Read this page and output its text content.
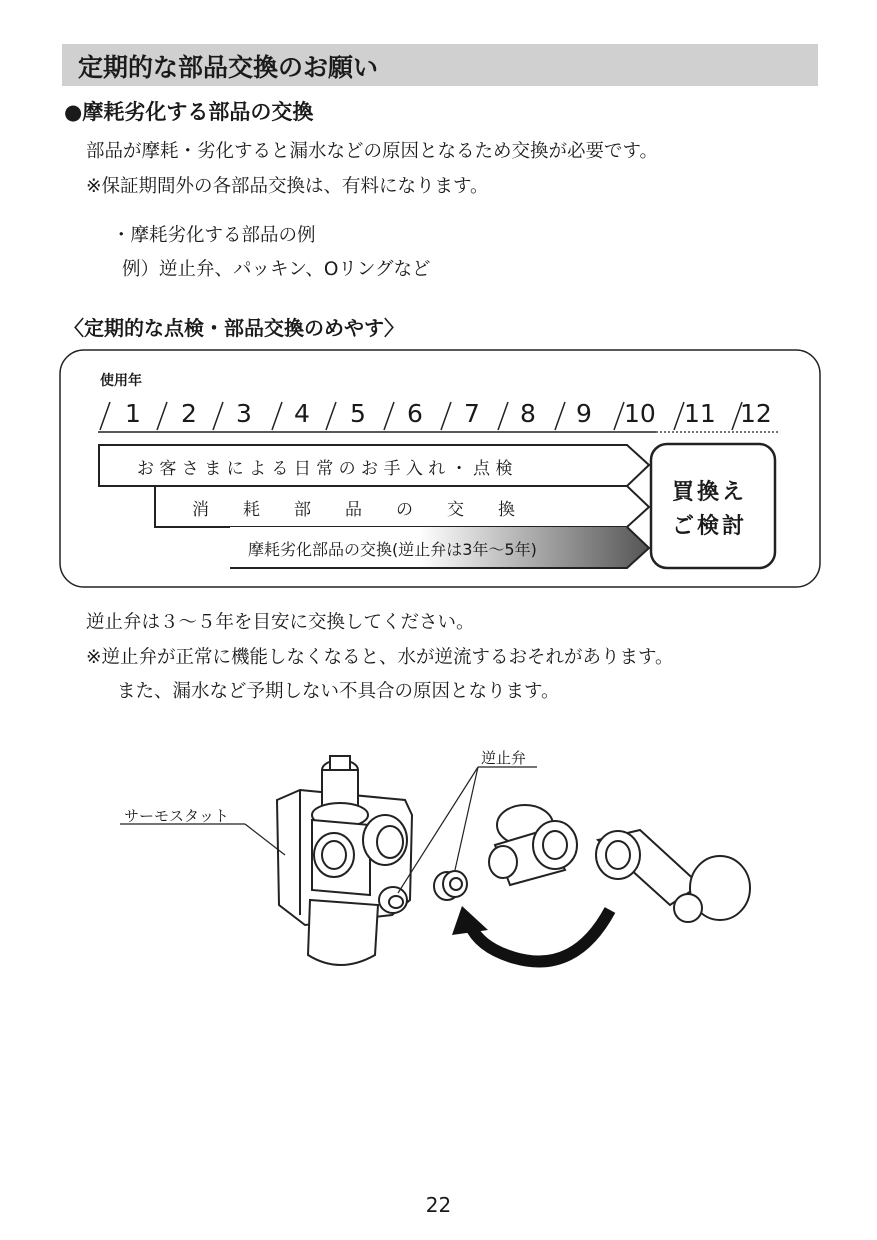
定期的な部品交換のお願い
●摩耗劣化する部品の交換
部品が摩耗・劣化すると漏水などの原因となるため交換が必要です。
※保証期間外の各部品交換は、有料になります。
・摩耗劣化する部品の例
例）逆止弁、パッキン、Oリングなど
〈定期的な点検・部品交換のめやす〉
使用年
1 2 3 4 5 6 7 8 9 10 11 12
お 客 さ ま に よ る 日 常 の お 手 入 れ ・ 点 検
消　　耗　　部　　品　　の　　交　　換
摩耗劣化部品の交換(逆止弁は3年〜5年)
買換え
ご検討
逆止弁は３〜５年を目安に交換してください。
※逆止弁が正常に機能しなくなると、水が逆流するおそれがあります。
また、漏水など予期しない不具合の原因となります。
サーモスタット
逆止弁
22
